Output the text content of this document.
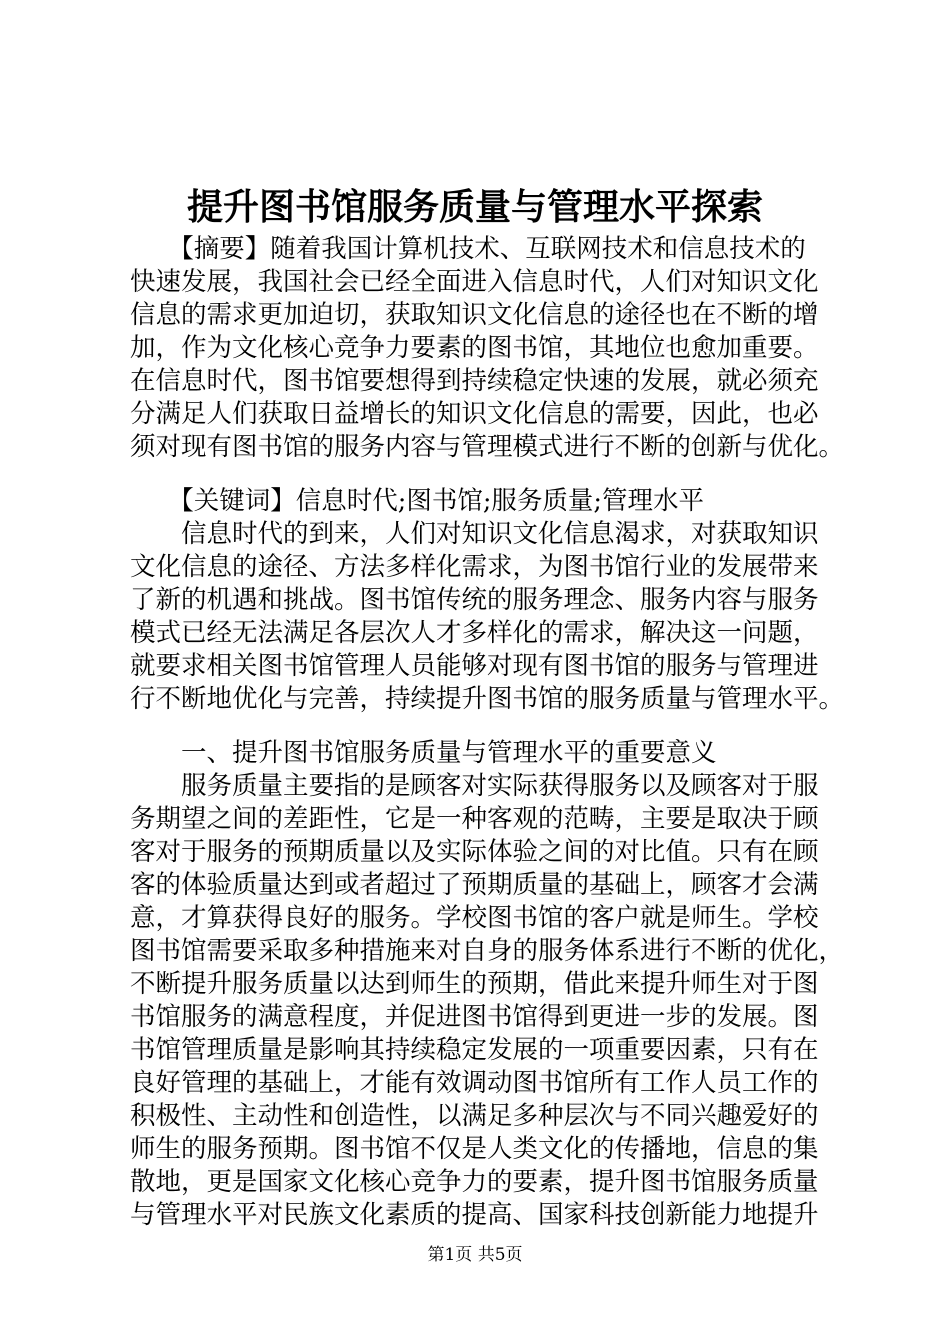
提升图书馆服务质量与管理水平探索
　　【摘要】随着我国计算机技术、互联网技术和信息技术的
快速发展，我国社会已经全面进入信息时代，人们对知识文化
信息的需求更加迫切，获取知识文化信息的途径也在不断的增
加，作为文化核心竞争力要素的图书馆，其地位也愈加重要。
在信息时代，图书馆要想得到持续稳定快速的发展，就必须充
分满足人们获取日益增长的知识文化信息的需要，因此，也必
须对现有图书馆的服务内容与管理模式进行不断的创新与优化。
　　【关键词】信息时代;图书馆;服务质量;管理水平
　　信息时代的到来，人们对知识文化信息渴求，对获取知识
文化信息的途径、方法多样化需求，为图书馆行业的发展带来
了新的机遇和挑战。图书馆传统的服务理念、服务内容与服务
模式已经无法满足各层次人才多样化的需求，解决这一问题，
就要求相关图书馆管理人员能够对现有图书馆的服务与管理进
行不断地优化与完善，持续提升图书馆的服务质量与管理水平。
　　一、提升图书馆服务质量与管理水平的重要意义
　　服务质量主要指的是顾客对实际获得服务以及顾客对于服
务期望之间的差距性，它是一种客观的范畴，主要是取决于顾
客对于服务的预期质量以及实际体验之间的对比值。只有在顾
客的体验质量达到或者超过了预期质量的基础上，顾客才会满
意，才算获得良好的服务。学校图书馆的客户就是师生。学校
图书馆需要采取多种措施来对自身的服务体系进行不断的优化，
不断提升服务质量以达到师生的预期，借此来提升师生对于图
书馆服务的满意程度，并促进图书馆得到更进一步的发展。图
书馆管理质量是影响其持续稳定发展的一项重要因素，只有在
良好管理的基础上，才能有效调动图书馆所有工作人员工作的
积极性、主动性和创造性，以满足多种层次与不同兴趣爱好的
师生的服务预期。图书馆不仅是人类文化的传播地，信息的集
散地，更是国家文化核心竞争力的要素，提升图书馆服务质量
与管理水平对民族文化素质的提高、国家科技创新能力地提升
第1页 共5页
